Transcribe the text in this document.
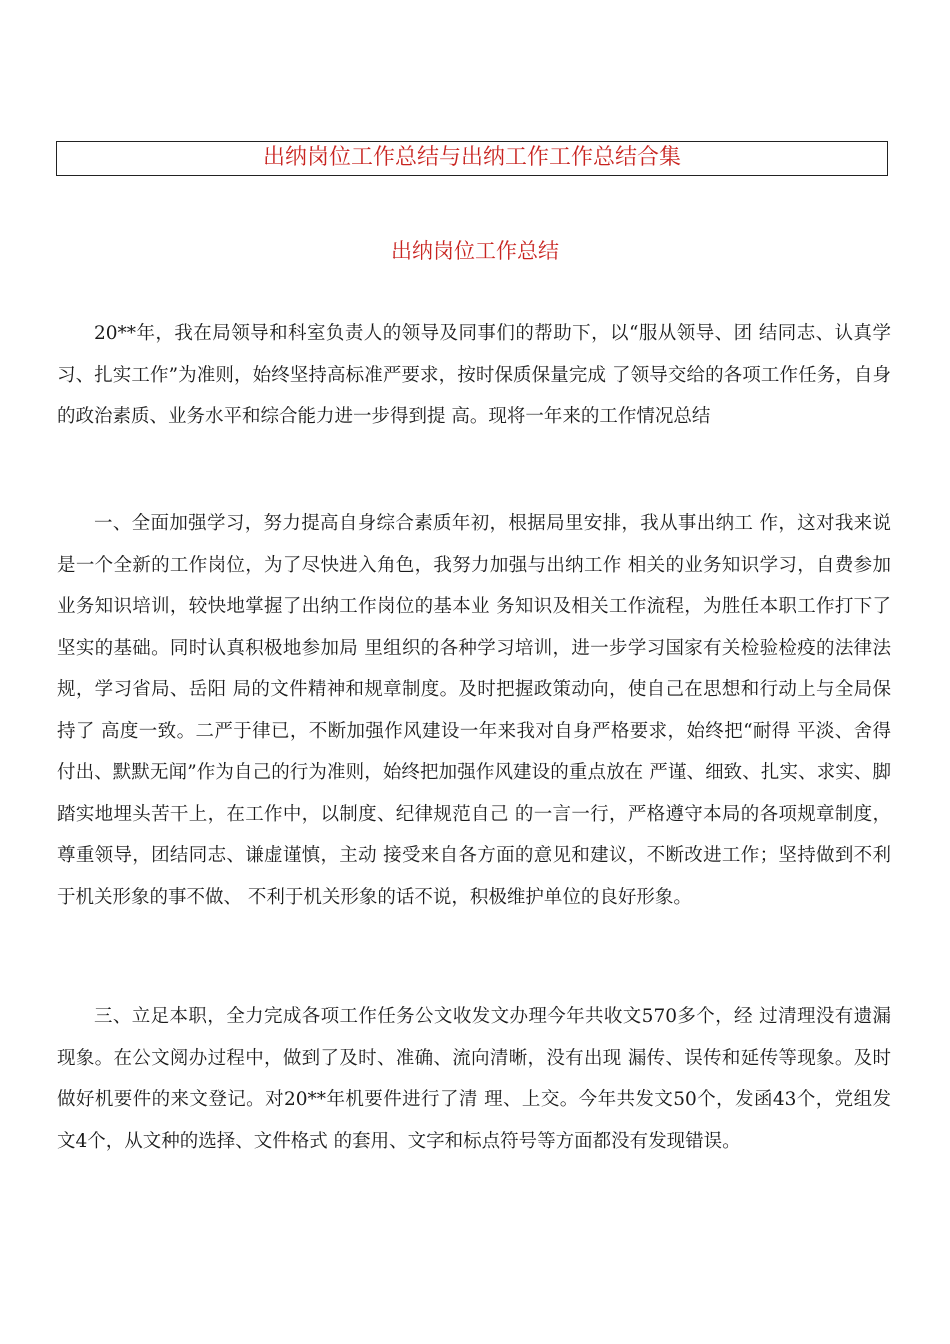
出纳岗位工作总结与出纳工作工作总结合集
出纳岗位工作总结

20**年，我在局领导和科室负责人的领导及同事们的帮助下，以“服从领导、团 结同志、认真学习、扎实工作”为准则，始终坚持高标准严要求，按时保质保量完成 了领导交给的各项工作任务，自身的政治素质、业务水平和综合能力进一步得到提 高。现将一年来的工作情况总结

一、全面加强学习，努力提高自身综合素质年初，根据局里安排，我从事出纳工 作，这对我来说是一个全新的工作岗位，为了尽快进入角色，我努力加强与出纳工作 相关的业务知识学习，自费参加业务知识培训，较快地掌握了出纳工作岗位的基本业 务知识及相关工作流程，为胜任本职工作打下了坚实的基础。同时认真积极地参加局 里组织的各种学习培训，进一步学习国家有关检验检疫的法律法规，学习省局、岳阳 局的文件精神和规章制度。及时把握政策动向，使自己在思想和行动上与全局保持了 高度一致。二严于律已，不断加强作风建设一年来我对自身严格要求，始终把“耐得 平淡、舍得付出、默默无闻”作为自己的行为准则，始终把加强作风建设的重点放在 严谨、细致、扎实、求实、脚踏实地埋头苦干上，在工作中，以制度、纪律规范自己 的一言一行，严格遵守本局的各项规章制度，尊重领导，团结同志、谦虚谨慎，主动 接受来自各方面的意见和建议，不断改进工作；坚持做到不利于机关形象的事不做、 不利于机关形象的话不说，积极维护单位的良好形象。

三、立足本职，全力完成各项工作任务公文收发文办理今年共收文570多个，经 过清理没有遗漏现象。在公文阅办过程中，做到了及时、准确、流向清晰，没有出现 漏传、误传和延传等现象。及时做好机要件的来文登记。对20**年机要件进行了清 理、上交。今年共发文50个，发函43个，党组发文4个，从文种的选择、文件格式 的套用、文字和标点符号等方面都没有发现错误。
